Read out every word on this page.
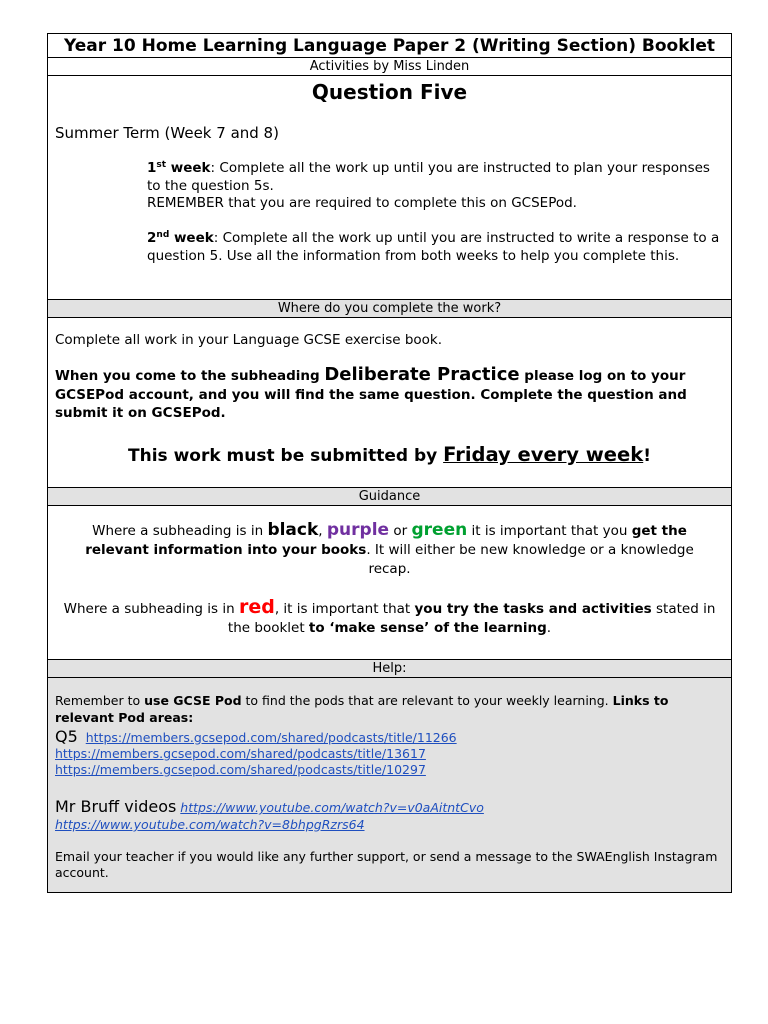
Year 10 Home Learning Language Paper 2 (Writing Section) Booklet
Activities by Miss Linden
Question Five
Summer Term (Week 7 and 8)
1st week: Complete all the work up until you are instructed to plan your responses to the question 5s.
REMEMBER that you are required to complete this on GCSEPod.
2nd week: Complete all the work up until you are instructed to write a response to a question 5. Use all the information from both weeks to help you complete this.
Where do you complete the work?
Complete all work in your Language GCSE exercise book.
When you come to the subheading Deliberate Practice please log on to your GCSEPod account, and you will find the same question. Complete the question and submit it on GCSEPod.
This work must be submitted by Friday every week!
Guidance
Where a subheading is in black, purple or green it is important that you get the relevant information into your books. It will either be new knowledge or a knowledge recap.
Where a subheading is in red, it is important that you try the tasks and activities stated in the booklet to ‘make sense’ of the learning.
Help:
Remember to use GCSE Pod to find the pods that are relevant to your weekly learning. Links to relevant Pod areas:
Q5 https://members.gcsepod.com/shared/podcasts/title/11266
https://members.gcsepod.com/shared/podcasts/title/13617
https://members.gcsepod.com/shared/podcasts/title/10297
Mr Bruff videos https://www.youtube.com/watch?v=v0aAitntCvo
https://www.youtube.com/watch?v=8bhpgRzrs64
Email your teacher if you would like any further support, or send a message to the SWAEnglish Instagram account.
